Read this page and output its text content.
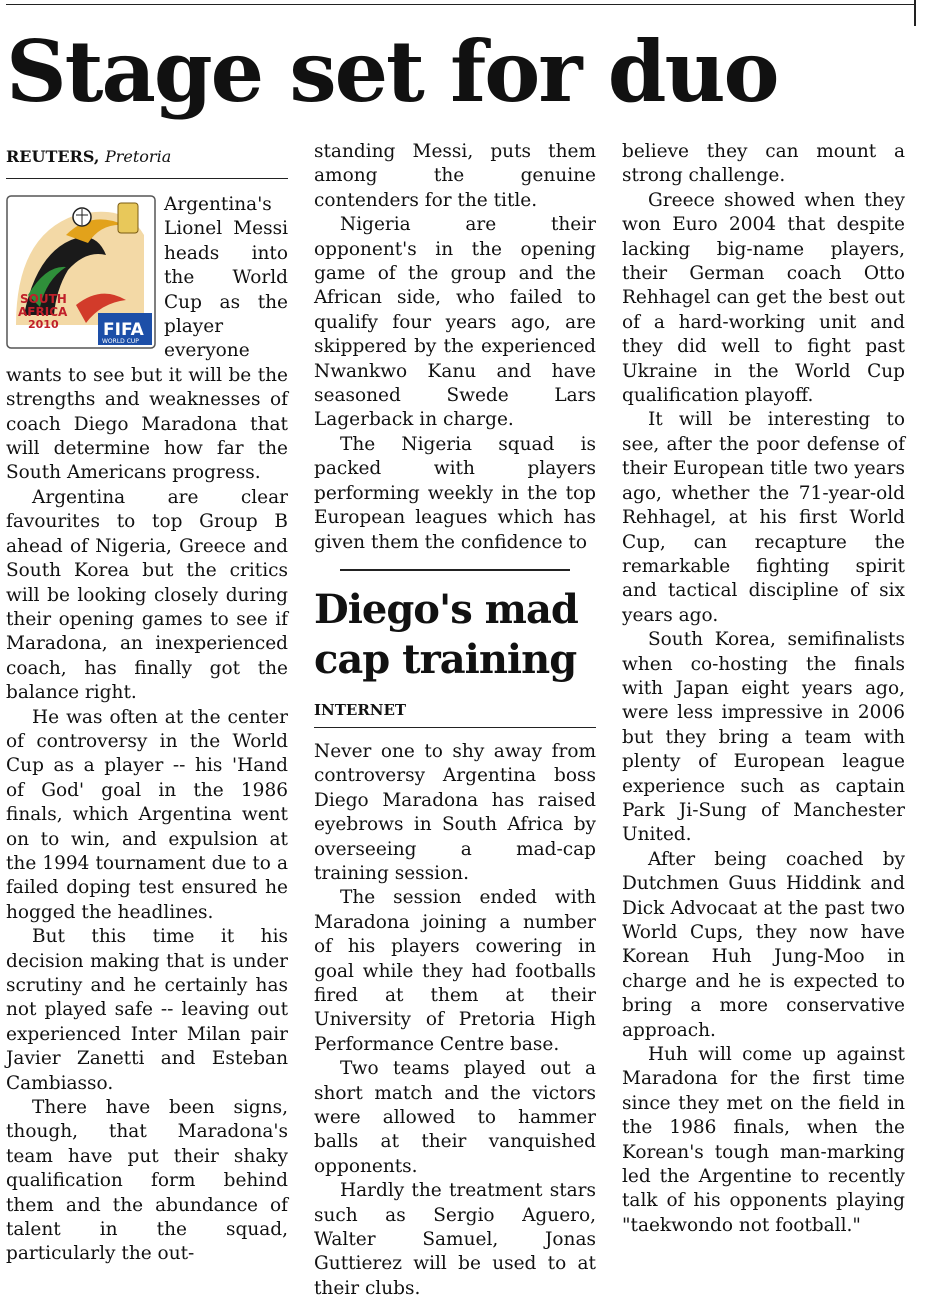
Stage set for duo
REUTERS, Pretoria
SOUTH
AFRICA
2010	FIFA
WORLD CUP

Argentina's Lionel Messi heads into the World Cup as the player everyone wants to see but it will be the strengths and weaknesses of coach Diego Maradona that will determine how far the South Americans progress.

Argentina are clear favourites to top Group B ahead of Nigeria, Greece and South Korea but the critics will be looking closely during their opening games to see if Maradona, an inexperienced coach, has finally got the balance right.

He was often at the center of controversy in the World Cup as a player -- his 'Hand of God' goal in the 1986 finals, which Argentina went on to win, and expulsion at the 1994 tournament due to a failed doping test ensured he hogged the headlines.

But this time it his decision making that is under scrutiny and he certainly has not played safe -- leaving out experienced Inter Milan pair Javier Zanetti and Esteban Cambiasso.

There have been signs, though, that Maradona's team have put their shaky qualification form behind them and the abundance of talent in the squad, particularly the out-

standing Messi, puts them among the genuine contenders for the title.

Nigeria are their opponent's in the opening game of the group and the African side, who failed to qualify four years ago, are skippered by the experienced Nwankwo Kanu and have seasoned Swede Lars Lagerback in charge.

The Nigeria squad is packed with players performing weekly in the top European leagues which has given them the confidence to

Diego's mad cap training
INTERNET

Never one to shy away from controversy Argentina boss Diego Maradona has raised eyebrows in South Africa by overseeing a mad-cap training session.

The session ended with Maradona joining a number of his players cowering in goal while they had footballs fired at them at their University of Pretoria High Performance Centre base.

Two teams played out a short match and the victors were allowed to hammer balls at their vanquished opponents.

Hardly the treatment stars such as Sergio Aguero, Walter Samuel, Jonas Guttierez will be used to at their clubs.

believe they can mount a strong challenge.

Greece showed when they won Euro 2004 that despite lacking big-name players, their German coach Otto Rehhagel can get the best out of a hard-working unit and they did well to fight past Ukraine in the World Cup qualification playoff.

It will be interesting to see, after the poor defense of their European title two years ago, whether the 71-year-old Rehhagel, at his first World Cup, can recapture the remarkable fighting spirit and tactical discipline of six years ago.

South Korea, semifinalists when co-hosting the finals with Japan eight years ago, were less impressive in 2006 but they bring a team with plenty of European league experience such as captain Park Ji-Sung of Manchester United.

After being coached by Dutchmen Guus Hiddink and Dick Advocaat at the past two World Cups, they now have Korean Huh Jung-Moo in charge and he is expected to bring a more conservative approach.

Huh will come up against Maradona for the first time since they met on the field in the 1986 finals, when the Korean's tough man-marking led the Argentine to recently talk of his opponents playing "taekwondo not football."
